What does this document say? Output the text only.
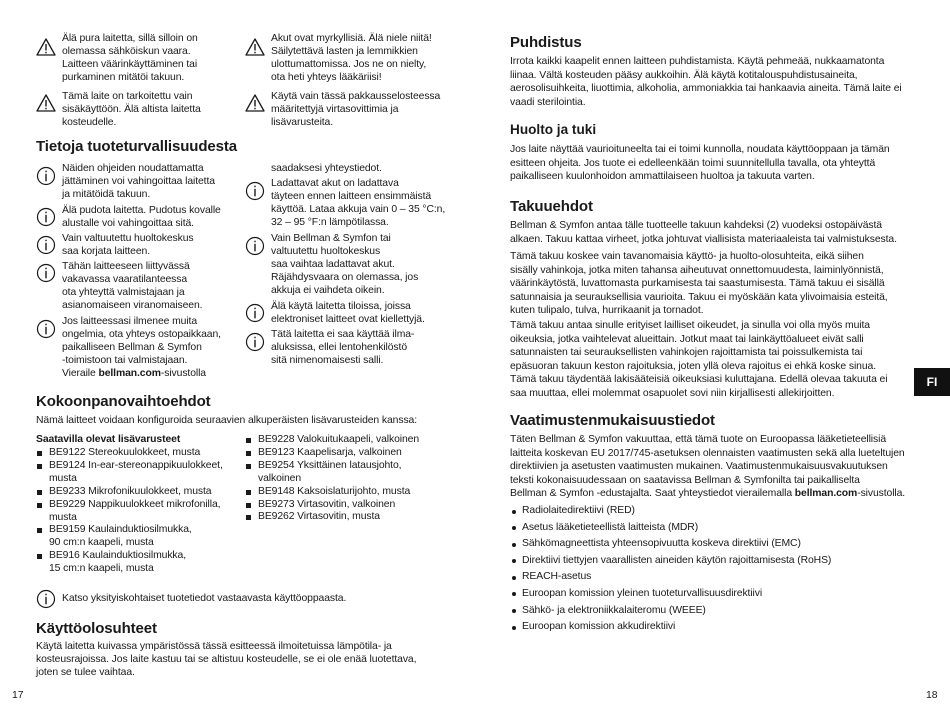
Älä pura laitetta, sillä silloin on
olemassa sähköiskun vaara.
Laitteen väärinkäyttäminen tai
purkaminen mitätöi takuun.
Tämä laite on tarkoitettu vain
sisäkäyttöön. Älä altista laitetta
kosteudelle.
Akut ovat myrkyllisiä. Älä niele niitä!
Säilytettävä lasten ja lemmikkien
ulottumattomissa. Jos ne on nielty,
ota heti yhteys lääkäriisi!
Käytä vain tässä pakkausselosteessa
määritettyjä virtasovittimia ja
lisävarusteita.
Tietoja tuoteturvallisuudesta
Näiden ohjeiden noudattamatta
jättäminen voi vahingoittaa laitetta
ja mitätöidä takuun.
Älä pudota laitetta. Pudotus kovalle
alustalle voi vahingoittaa sitä.
Vain valtuutettu huoltokeskus
saa korjata laitteen.
Tähän laitteeseen liittyvässä
vakavassa vaaratilanteessa
ota yhteyttä valmistajaan ja
asianomaiseen viranomaiseen.
Jos laitteessasi ilmenee muita
ongelmia, ota yhteys ostopaikkaan,
paikalliseen Bellman & Symfon
-toimistoon tai valmistajaan.
Vieraile bellman.com-sivustolla
saadaksesi yhteystiedot.
Ladattavat akut on ladattava
täyteen ennen laitteen ensimmäistä
käyttöä. Lataa akkuja vain 0 – 35 °C:n,
32 – 95 °F:n lämpötilassa.
Vain Bellman & Symfon tai
valtuutettu huoltokeskus
saa vaihtaa ladattavat akut.
Räjähdysvaara on olemassa, jos
akkuja ei vaihdeta oikein.
Älä käytä laitetta tiloissa, joissa
elektroniset laitteet ovat kiellettyjä.
Tätä laitetta ei saa käyttää ilma-
aluksissa, ellei lentohenkilöstö
sitä nimenomaisesti salli.
Kokoonpanovaihtoehdot
Nämä laitteet voidaan konfiguroida seuraavien alkuperäisten lisävarusteiden kanssa:
Saatavilla olevat lisävarusteet
BE9122 Stereokuulokkeet, musta
BE9124 In-ear-stereonappikuulokkeet,
musta
BE9233 Mikrofonikuulokkeet, musta
BE9229 Nappikuulokkeet mikrofonilla,
musta
BE9159 Kaulainduktiosilmukka,
90 cm:n kaapeli, musta
BE916 Kaulainduktiosilmukka,
15 cm:n kaapeli, musta
BE9228 Valokuitukaapeli, valkoinen
BE9123 Kaapelisarja, valkoinen
BE9254 Yksittäinen latausjohto,
valkoinen
BE9148 Kaksoislaturijohto, musta
BE9273 Virtasovitin, valkoinen
BE9262 Virtasovitin, musta
Katso yksityiskohtaiset tuotetiedot vastaavasta käyttöoppaasta.
Käyttöolosuhteet
Käytä laitetta kuivassa ympäristössä tässä esitteessä ilmoitetuissa lämpötila- ja
kosteusrajoissa. Jos laite kastuu tai se altistuu kosteudelle, se ei ole enää luotettava,
joten se tulee vaihtaa.
17
Puhdistus
Irrota kaikki kaapelit ennen laitteen puhdistamista. Käytä pehmeää, nukkaamatonta
liinaa. Vältä kosteuden pääsy aukkoihin. Älä käytä kotitalouspuhdistusaineita,
aerosolisuihkeita, liuottimia, alkoholia, ammoniakkia tai hankaavia aineita. Tämä laite ei
vaadi sterilointia.
Huolto ja tuki
Jos laite näyttää vaurioituneelta tai ei toimi kunnolla, noudata käyttöoppaan ja tämän
esitteen ohjeita. Jos tuote ei edelleenkään toimi suunnitellulla tavalla, ota yhteyttä
paikalliseen kuulonhoidon ammattilaiseen huoltoa ja takuuta varten.
Takuuehdot
Bellman & Symfon antaa tälle tuotteelle takuun kahdeksi (2) vuodeksi ostopäivästä
alkaen. Takuu kattaa virheet, jotka johtuvat viallisista materiaaleista tai valmistuksesta.
Tämä takuu koskee vain tavanomaisia käyttö- ja huolto-olosuhteita, eikä siihen
sisälly vahinkoja, jotka miten tahansa aiheutuvat onnettomuudesta, laiminlyönnistä,
väärinkäytöstä, luvattomasta purkamisesta tai saastumisesta. Tämä takuu ei sisällä
satunnaisia ja seurauksellisia vaurioita. Takuu ei myöskään kata ylivoimaisia esteitä,
kuten tulipalo, tulva, hurrikaanit ja tornadot.
Tämä takuu antaa sinulle erityiset lailliset oikeudet, ja sinulla voi olla myös muita
oikeuksia, jotka vaihtelevat alueittain. Jotkut maat tai lainkäyttöalueet eivät salli
satunnaisten tai seurauksellisten vahinkojen rajoittamista tai poissulkemista tai
epäsuoran takuun keston rajoituksia, joten yllä oleva rajoitus ei ehkä koske sinua.
Tämä takuu täydentää lakisääteisiä oikeuksiasi kuluttajana. Edellä olevaa takuuta ei
saa muuttaa, ellei molemmat osapuolet sovi niin kirjallisesti allekirjoitten.
Vaatimustenmukaisuustiedot
Täten Bellman & Symfon vakuuttaa, että tämä tuote on Euroopassa lääketieteellisiä
laitteita koskevan EU 2017/745-asetuksen olennaisten vaatimusten sekä alla lueteltujen
direktiivien ja asetusten vaatimusten mukainen. Vaatimustenmukaisuusvakuutuksen
teksti kokonaisuudessaan on saatavissa Bellman & Symfonilta tai paikalliselta
Bellman & Symfon -edustajalta. Saat yhteystiedot vierailemalla bellman.com-sivustolla.
Radiolaitedirektiivi (RED)
Asetus lääketieteellistä laitteista (MDR)
Sähkömagneettista yhteensopivuutta koskeva direktiivi (EMC)
Direktiivi tiettyjen vaarallisten aineiden käytön rajoittamisesta (RoHS)
REACH-asetus
Euroopan komission yleinen tuoteturvallisuusdirektiivi
Sähkö- ja elektroniikkalaiteromu (WEEE)
Euroopan komission akkudirektiivi
18
FI
